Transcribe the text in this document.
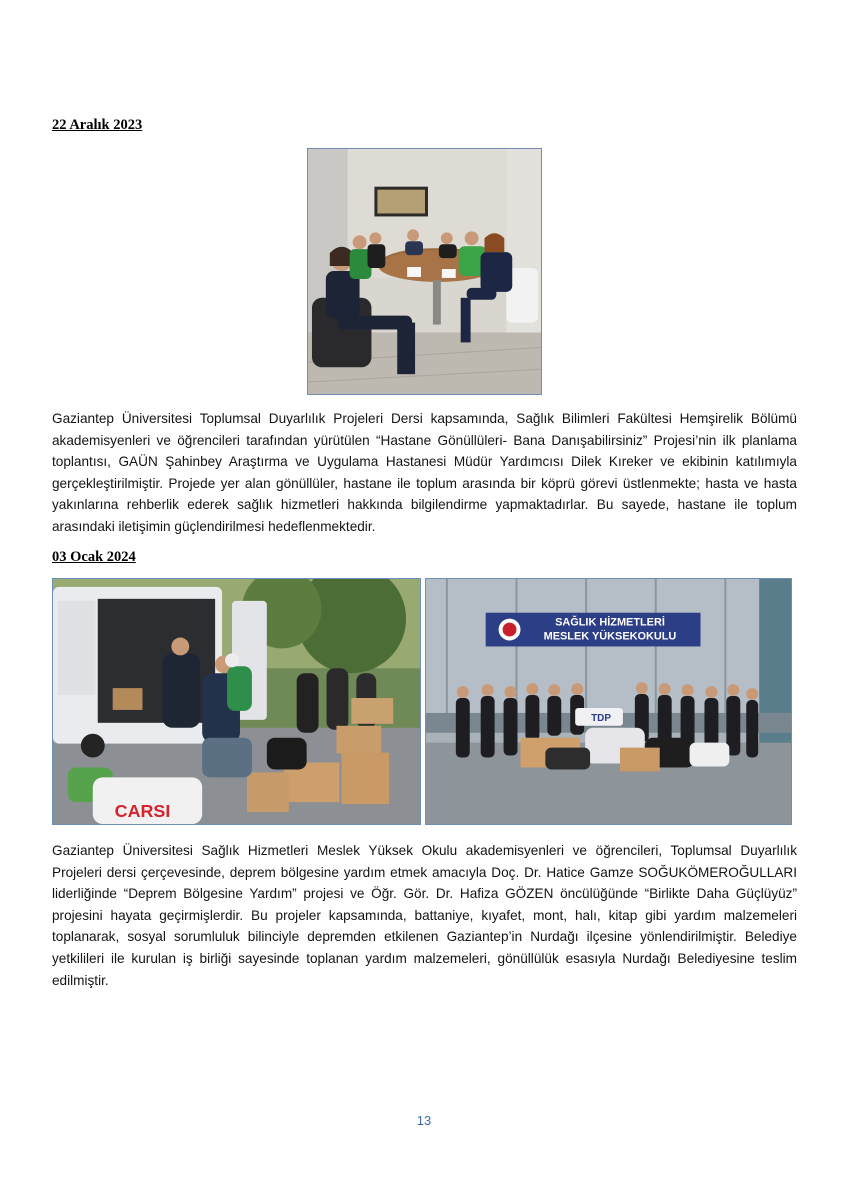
22 Aralık 2023

Gaziantep Üniversitesi Toplumsal Duyarlılık Projeleri Dersi kapsamında, Sağlık Bilimleri Fakültesi Hemşirelik Bölümü akademisyenleri ve öğrencileri tarafından yürütülen “Hastane Gönüllüleri- Bana Danışabilirsiniz” Projesi’nin ilk planlama toplantısı, GAÜN Şahinbey Araştırma ve Uygulama Hastanesi Müdür Yardımcısı Dilek Kıreker ve ekibinin katılımıyla gerçekleştirilmiştir. Projede yer alan gönüllüler, hastane ile toplum arasında bir köprü görevi üstlenmekte; hasta ve hasta yakınlarına rehberlik ederek sağlık hizmetleri hakkında bilgilendirme yapmaktadırlar. Bu sayede, hastane ile toplum arasındaki iletişimin güçlendirilmesi hedeflenmektedir.

03 Ocak 2024
CARSI
SAĞLIK HİZMETLERİ
MESLEK YÜKSEKOKULU
TDP

Gaziantep Üniversitesi Sağlık Hizmetleri Meslek Yüksek Okulu akademisyenleri ve öğrencileri, Toplumsal Duyarlılık Projeleri dersi çerçevesinde, deprem bölgesine yardım etmek amacıyla Doç. Dr. Hatice Gamze SOĞUKÖMEROĞULLARI liderliğinde “Deprem Bölgesine Yardım” projesi ve Öğr. Gör. Dr. Hafiza GÖZEN öncülüğünde “Birlikte Daha Güçlüyüz” projesini hayata geçirmişlerdir. Bu projeler kapsamında, battaniye, kıyafet, mont, halı, kitap gibi yardım malzemeleri toplanarak, sosyal sorumluluk bilinciyle depremden etkilenen Gaziantep’in Nurdağı ilçesine yönlendirilmiştir. Belediye yetkilileri ile kurulan iş birliği sayesinde toplanan yardım malzemeleri, gönüllülük esasıyla Nurdağı Belediyesine teslim edilmiştir.

13
